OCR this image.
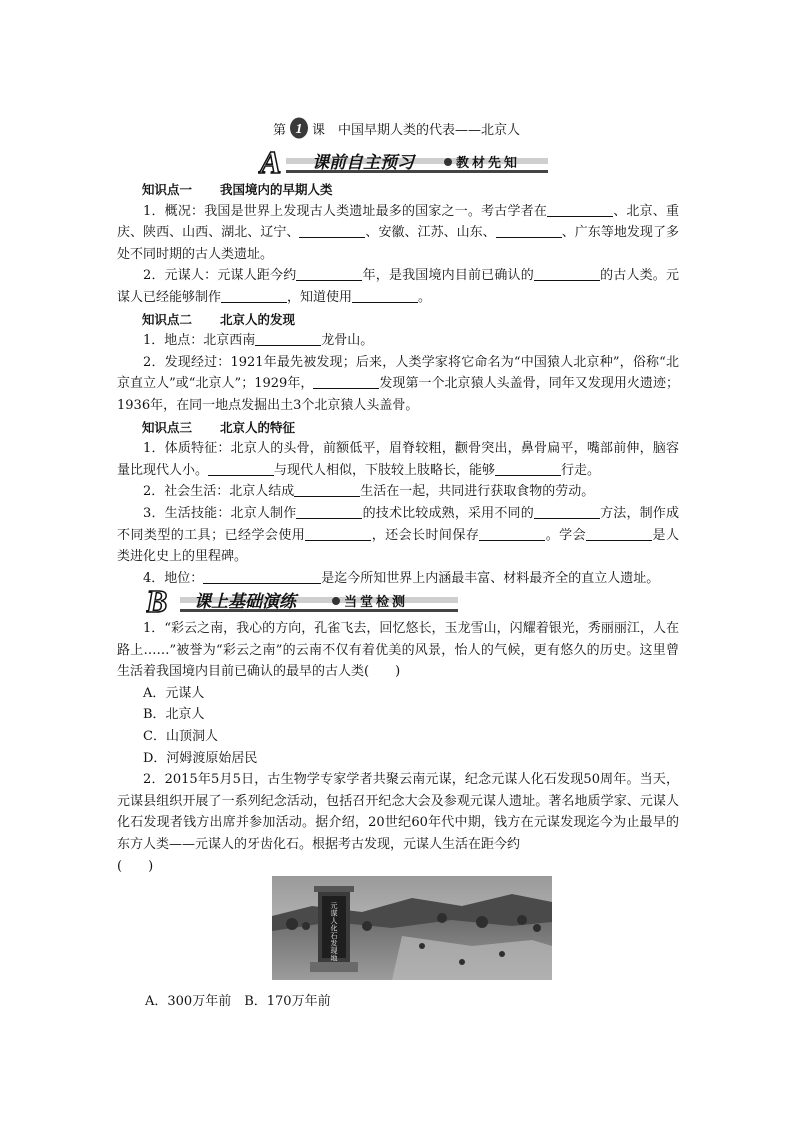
第 1 课　 中国早期人类的代表——北京人
A 课前自主预习	教材先知

知识点一 我国境内的早期人类

1．概况：我国是世界上发现古人类遗址最多的国家之一。考古学者在	、北京、重庆、陕西、山西、湖北、辽宁、	、安徽、江苏、山东、	、广东等地发现了多处不同时期的古人类遗址。

2．元谋人：元谋人距今约	年，是我国境内目前已确认的	的古人类。元谋人已经能够制作	，知道使用	。

知识点二 北京人的发现

1．地点：北京西南	龙骨山。

2．发现经过：1921年最先被发现；后来，人类学家将它命名为“中国猿人北京种”，俗称“北京直立人”或“北京人”；1929年，	发现第一个北京猿人头盖骨，同年又发现用火遗迹；1936年，在同一地点发掘出土3个北京猿人头盖骨。

知识点三 北京人的特征

1．体质特征：北京人的头骨，前额低平，眉脊较粗，颧骨突出，鼻骨扁平，嘴部前伸，脑容量比现代人小。	与现代人相似，下肢较上肢略长，能够	行走。

2．社会生活：北京人结成	生活在一起，共同进行获取食物的劳动。

3．生活技能：北京人制作	的技术比较成熟，采用不同的	方法，制作成不同类型的工具；已经学会使用	，还会长时间保存	。学会	是人类进化史上的里程碑。

4．地位：	是迄今所知世界上内涵最丰富、材料最齐全的直立人遗址。

B 课上基础演练	当堂检测

1．“彩云之南，我心的方向，孔雀飞去，回忆悠长，玉龙雪山，闪耀着银光，秀丽丽江，人在路上……”被誉为“彩云之南”的云南不仅有着优美的风景，怡人的气候，更有悠久的历史。这里曾生活着我国境内目前已确认的最早的古人类(　　)

A．元谋人

B．北京人

C．山顶洞人

D．河姆渡原始居民

2．2015年5月5日，古生物学专家学者共聚云南元谋，纪念元谋人化石发现50周年。当天，元谋县组织开展了一系列纪念活动，包括召开纪念大会及参观元谋人遗址。著名地质学家、元谋人化石发现者钱方出席并参加活动。据介绍，20世纪60年代中期，钱方在元谋发现迄今为止最早的东方人类——元谋人的牙齿化石。根据考古发现，元谋人生活在距今约

(　　)

元谋人化石发现地
A．300万年前　B．170万年前
